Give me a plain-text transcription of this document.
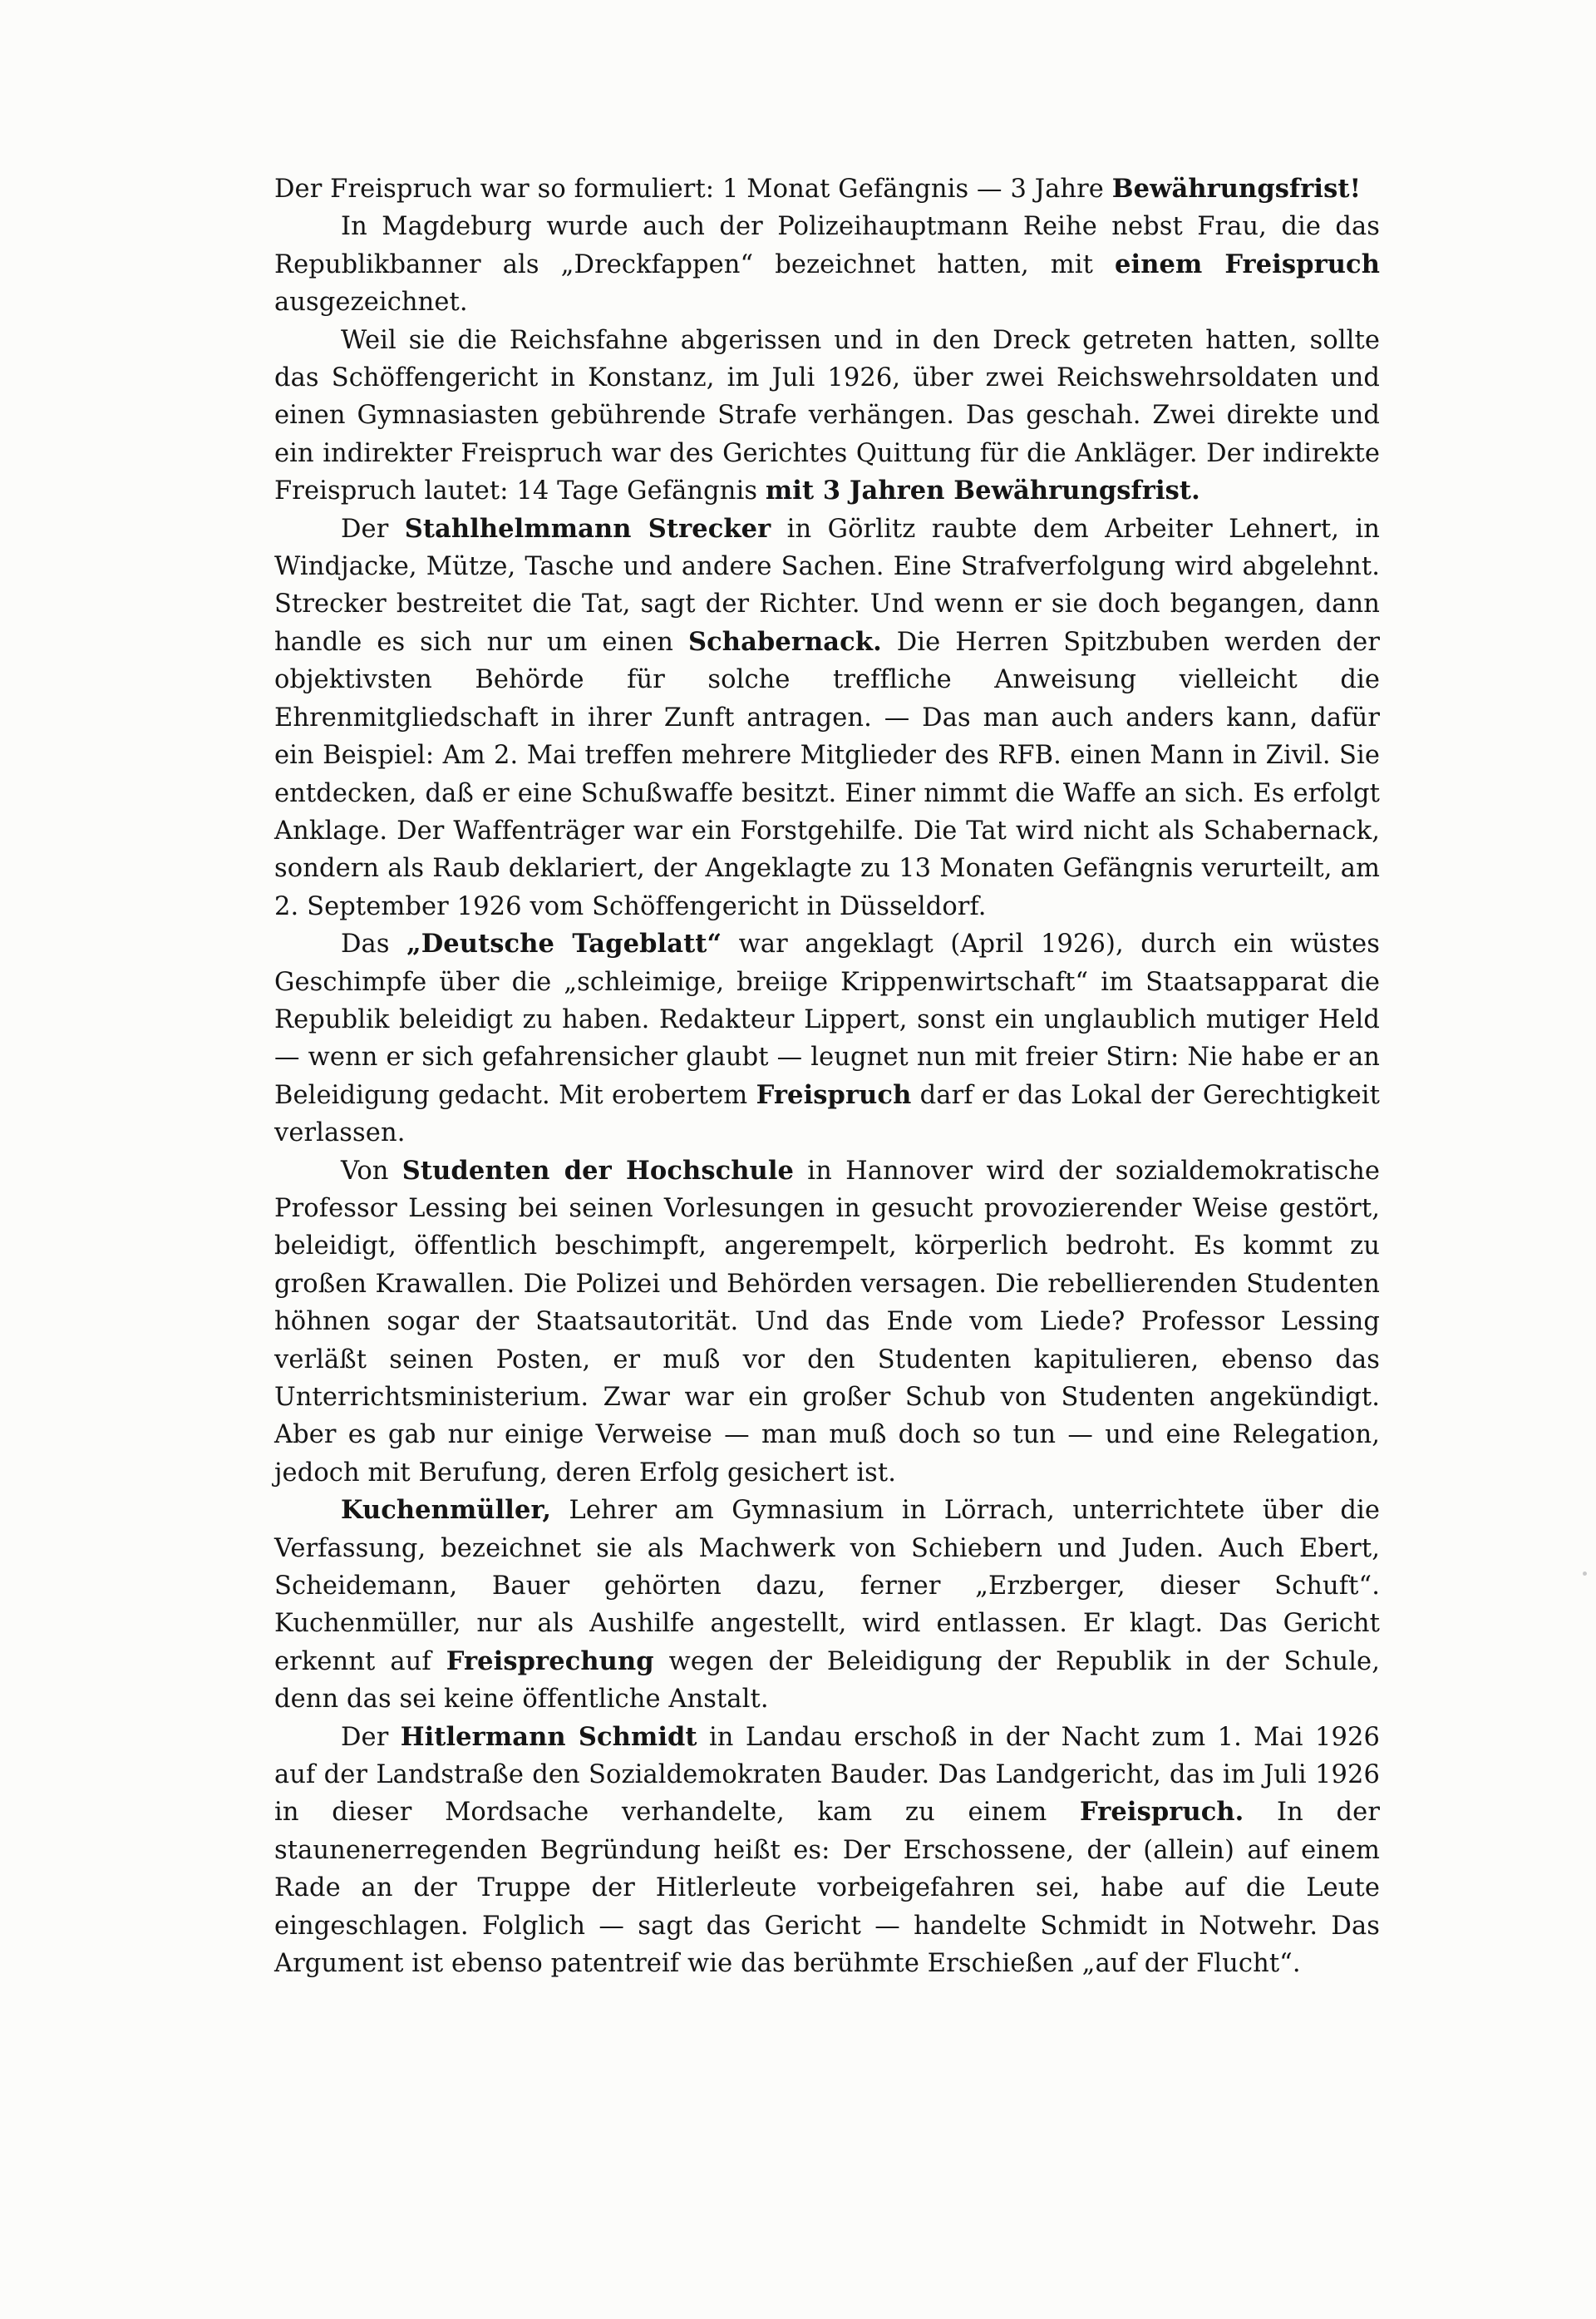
Der Freispruch war so formuliert: 1 Monat Gefängnis — 3 Jahre Bewährungsfrist!

In Magdeburg wurde auch der Polizeihauptmann Reihe nebst Frau, die das Republikbanner als „Dreckfappen“ bezeichnet hatten, mit einem Freispruch ausgezeichnet.

Weil sie die Reichsfahne abgerissen und in den Dreck getreten hatten, sollte das Schöffengericht in Konstanz, im Juli 1926, über zwei Reichswehrsoldaten und einen Gymnasiasten gebührende Strafe verhängen. Das geschah. Zwei direkte und ein indirekter Freispruch war des Gerichtes Quittung für die Ankläger. Der indirekte Freispruch lautet: 14 Tage Gefängnis mit 3 Jahren Bewährungsfrist.

Der Stahlhelmmann Strecker in Görlitz raubte dem Arbeiter Lehnert, in Windjacke, Mütze, Tasche und andere Sachen. Eine Strafverfolgung wird abgelehnt. Strecker bestreitet die Tat, sagt der Richter. Und wenn er sie doch begangen, dann handle es sich nur um einen Schabernack. Die Herren Spitzbuben werden der objektivsten Behörde für solche treffliche Anweisung vielleicht die Ehrenmitgliedschaft in ihrer Zunft antragen. — Das man auch anders kann, dafür ein Beispiel: Am 2. Mai treffen mehrere Mitglieder des RFB. einen Mann in Zivil. Sie entdecken, daß er eine Schußwaffe besitzt. Einer nimmt die Waffe an sich. Es erfolgt Anklage. Der Waffenträger war ein Forstgehilfe. Die Tat wird nicht als Schabernack, sondern als Raub deklariert, der Angeklagte zu 13 Monaten Gefängnis verurteilt, am 2. September 1926 vom Schöffengericht in Düsseldorf.

Das „Deutsche Tageblatt“ war angeklagt (April 1926), durch ein wüstes Geschimpfe über die „schleimige, breiige Krippenwirtschaft“ im Staatsapparat die Republik beleidigt zu haben. Redakteur Lippert, sonst ein unglaublich mutiger Held — wenn er sich gefahrensicher glaubt — leugnet nun mit freier Stirn: Nie habe er an Beleidigung gedacht. Mit erobertem Freispruch darf er das Lokal der Gerechtigkeit verlassen.

Von Studenten der Hochschule in Hannover wird der sozialdemokratische Professor Lessing bei seinen Vorlesungen in gesucht provozierender Weise gestört, beleidigt, öffentlich beschimpft, angerempelt, körperlich bedroht. Es kommt zu großen Krawallen. Die Polizei und Behörden versagen. Die rebellierenden Studenten höhnen sogar der Staatsautorität. Und das Ende vom Liede? Professor Lessing verläßt seinen Posten, er muß vor den Studenten kapitulieren, ebenso das Unterrichtsministerium. Zwar war ein großer Schub von Studenten angekündigt. Aber es gab nur einige Verweise — man muß doch so tun — und eine Relegation, jedoch mit Berufung, deren Erfolg gesichert ist.

Kuchenmüller, Lehrer am Gymnasium in Lörrach, unterrichtete über die Verfassung, bezeichnet sie als Machwerk von Schiebern und Juden. Auch Ebert, Scheidemann, Bauer gehörten dazu, ferner „Erzberger, dieser Schuft“. Kuchenmüller, nur als Aushilfe angestellt, wird entlassen. Er klagt. Das Gericht erkennt auf Freisprechung wegen der Beleidigung der Republik in der Schule, denn das sei keine öffentliche Anstalt.

Der Hitlermann Schmidt in Landau erschoß in der Nacht zum 1. Mai 1926 auf der Landstraße den Sozialdemokraten Bauder. Das Landgericht, das im Juli 1926 in dieser Mordsache verhandelte, kam zu einem Freispruch. In der staunenerregenden Begründung heißt es: Der Erschossene, der (allein) auf einem Rade an der Truppe der Hitlerleute vorbeigefahren sei, habe auf die Leute eingeschlagen. Folglich — sagt das Gericht — handelte Schmidt in Notwehr. Das Argument ist ebenso patentreif wie das berühmte Erschießen „auf der Flucht“.
